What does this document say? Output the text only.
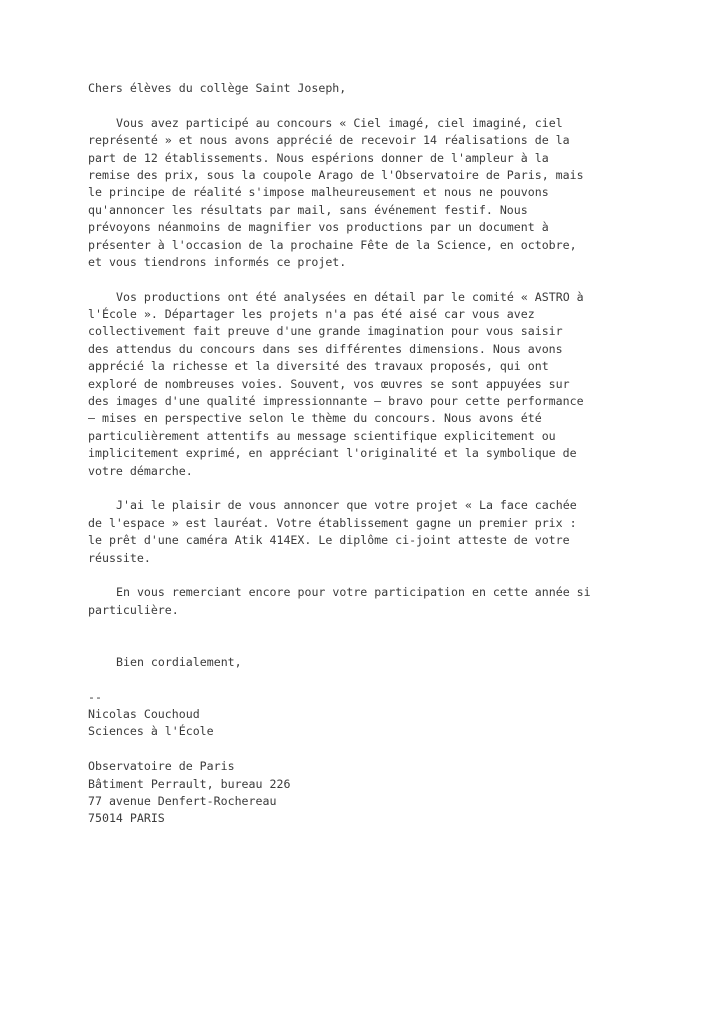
Chers élèves du collège Saint Joseph,
Vous avez participé au concours « Ciel imagé, ciel imaginé, ciel
représenté » et nous avons apprécié de recevoir 14 réalisations de la
part de 12 établissements. Nous espérions donner de l'ampleur à la
remise des prix, sous la coupole Arago de l'Observatoire de Paris, mais
le principe de réalité s'impose malheureusement et nous ne pouvons
qu'annoncer les résultats par mail, sans événement festif. Nous
prévoyons néanmoins de magnifier vos productions par un document à
présenter à l'occasion de la prochaine Fête de la Science, en octobre,
et vous tiendrons informés ce projet.
Vos productions ont été analysées en détail par le comité « ASTRO à
l'École ». Départager les projets n'a pas été aisé car vous avez
collectivement fait preuve d'une grande imagination pour vous saisir
des attendus du concours dans ses différentes dimensions. Nous avons
apprécié la richesse et la diversité des travaux proposés, qui ont
exploré de nombreuses voies. Souvent, vos œuvres se sont appuyées sur
des images d'une qualité impressionnante – bravo pour cette performance
– mises en perspective selon le thème du concours. Nous avons été
particulièrement attentifs au message scientifique explicitement ou
implicitement exprimé, en appréciant l'originalité et la symbolique de
votre démarche.
J'ai le plaisir de vous annoncer que votre projet « La face cachée
de l'espace » est lauréat. Votre établissement gagne un premier prix :
le prêt d'une caméra Atik 414EX. Le diplôme ci-joint atteste de votre
réussite.
En vous remerciant encore pour votre participation en cette année si
particulière.
Bien cordialement,
--
Nicolas Couchoud
Sciences à l'École
Observatoire de Paris
Bâtiment Perrault, bureau 226
77 avenue Denfert-Rochereau
75014 PARIS
